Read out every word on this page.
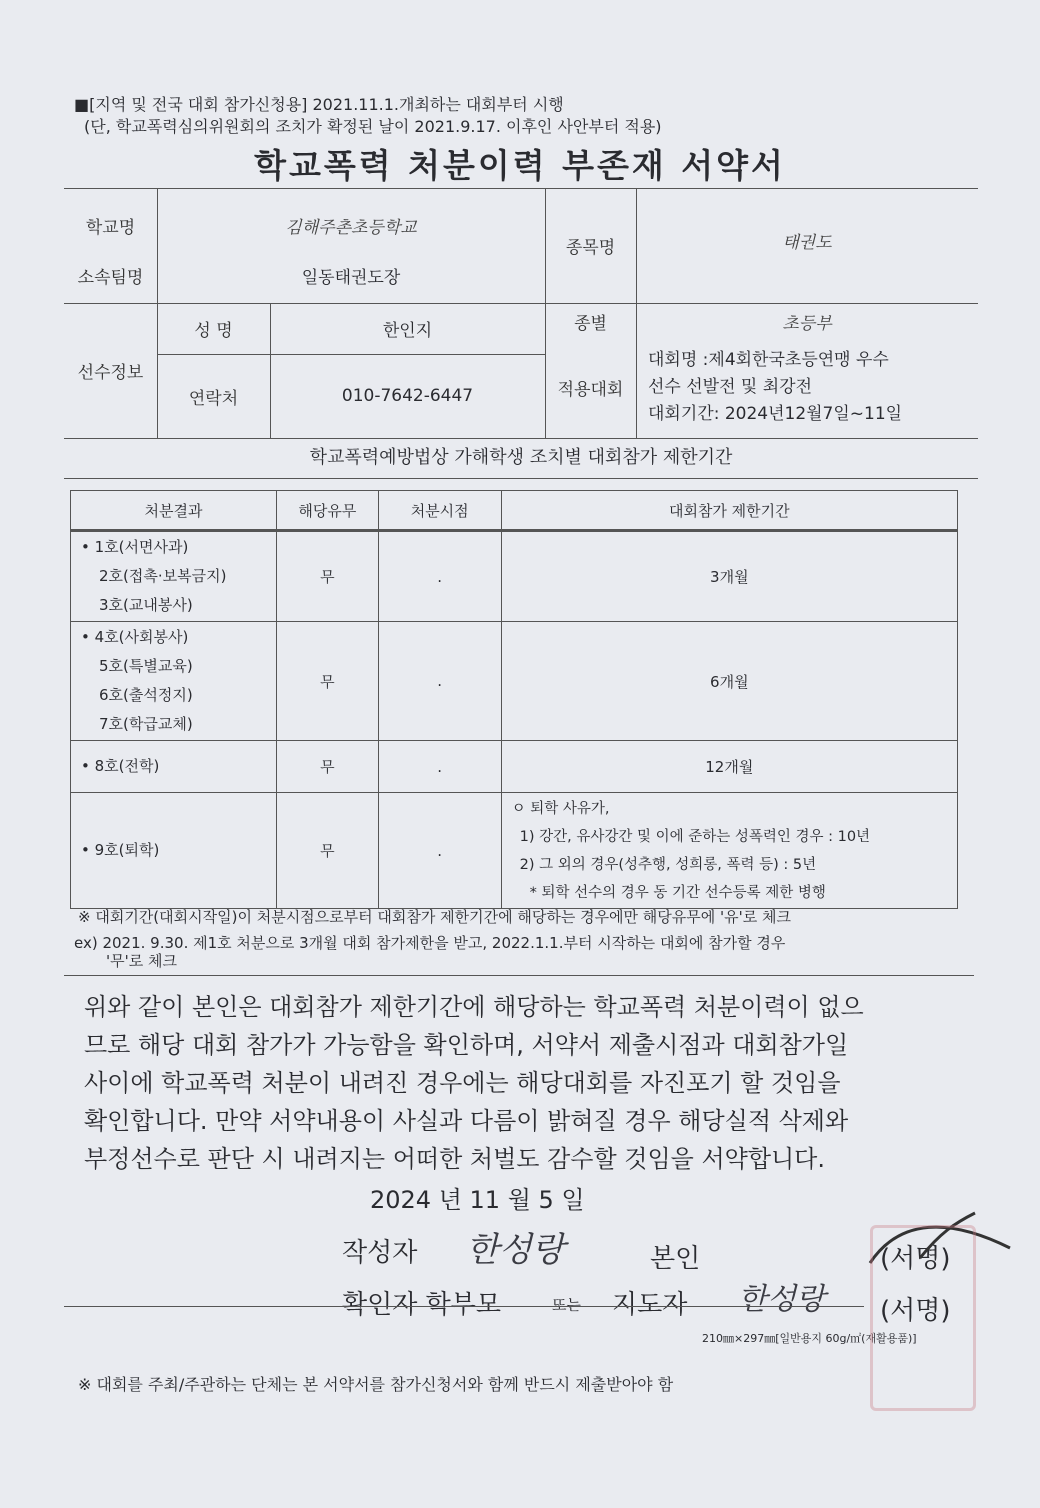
■[지역 및 전국 대회 참가신청용] 2021.11.1.개최하는 대회부터 시행
(단, 학교폭력심의위원회의 조치가 확정된 날이 2021.9.17. 이후인 사안부터 적용)
학교폭력 처분이력 부존재 서약서
학교명	김해주촌초등학교
소속팀명	일동태권도장
종목명	태권도
선수정보
성 명	한인지	종별	초등부
연락처	010-7642-6447	적용대회
대회명 :제4회한국초등연맹 우수
선수 선발전 및 최강전
대회기간: 2024년12월7일~11일
학교폭력예방법상 가해학생 조치별 대회참가 제한기간
처분결과	해당유무	처분시점	대회참가 제한기간

• 1호(서면사과)
2호(접촉·보복금지)
3호(교내봉사)	무	.	3개월

• 4호(사회봉사)
5호(특별교육)
6호(출석정지)
7호(학급교체)	무	.	6개월

• 8호(전학)	무	.	12개월

• 9호(퇴학)	무	.	ㅇ 퇴학 사유가,
1) 강간, 유사강간 및 이에 준하는 성폭력인 경우 : 10년
2) 그 외의 경우(성추행, 성희롱, 폭력 등) : 5년
* 퇴학 선수의 경우 동 기간 선수등록 제한 병행
※ 대회기간(대회시작일)이 처분시점으로부터 대회참가 제한기간에 해당하는 경우에만 해당유무에 '유'로 체크
ex) 2021. 9.30. 제1호 처분으로 3개월 대회 참가제한을 받고, 2022.1.1.부터 시작하는 대회에 참가할 경우
'무'로 체크

위와 같이 본인은 대회참가 제한기간에 해당하는 학교폭력 처분이력이 없으

므로 해당 대회 참가가 가능함을 확인하며, 서약서 제출시점과 대회참가일

사이에 학교폭력 처분이 내려진 경우에는 해당대회를 자진포기 할 것임을

확인합니다. 만약 서약내용이 사실과 다름이 밝혀질 경우 해당실적 삭제와

부정선수로 판단 시 내려지는 어떠한 처벌도 감수할 것임을 서약합니다.

2024 년 11 월 5 일
작성자 한성랑	본인	(서명)
확인자 학부모	또는 지도자 한성랑 (서명)
210㎜×297㎜[일반용지 60g/㎡(재활용품)]
※ 대회를 주최/주관하는 단체는 본 서약서를 참가신청서와 함께 반드시 제출받아야 함
